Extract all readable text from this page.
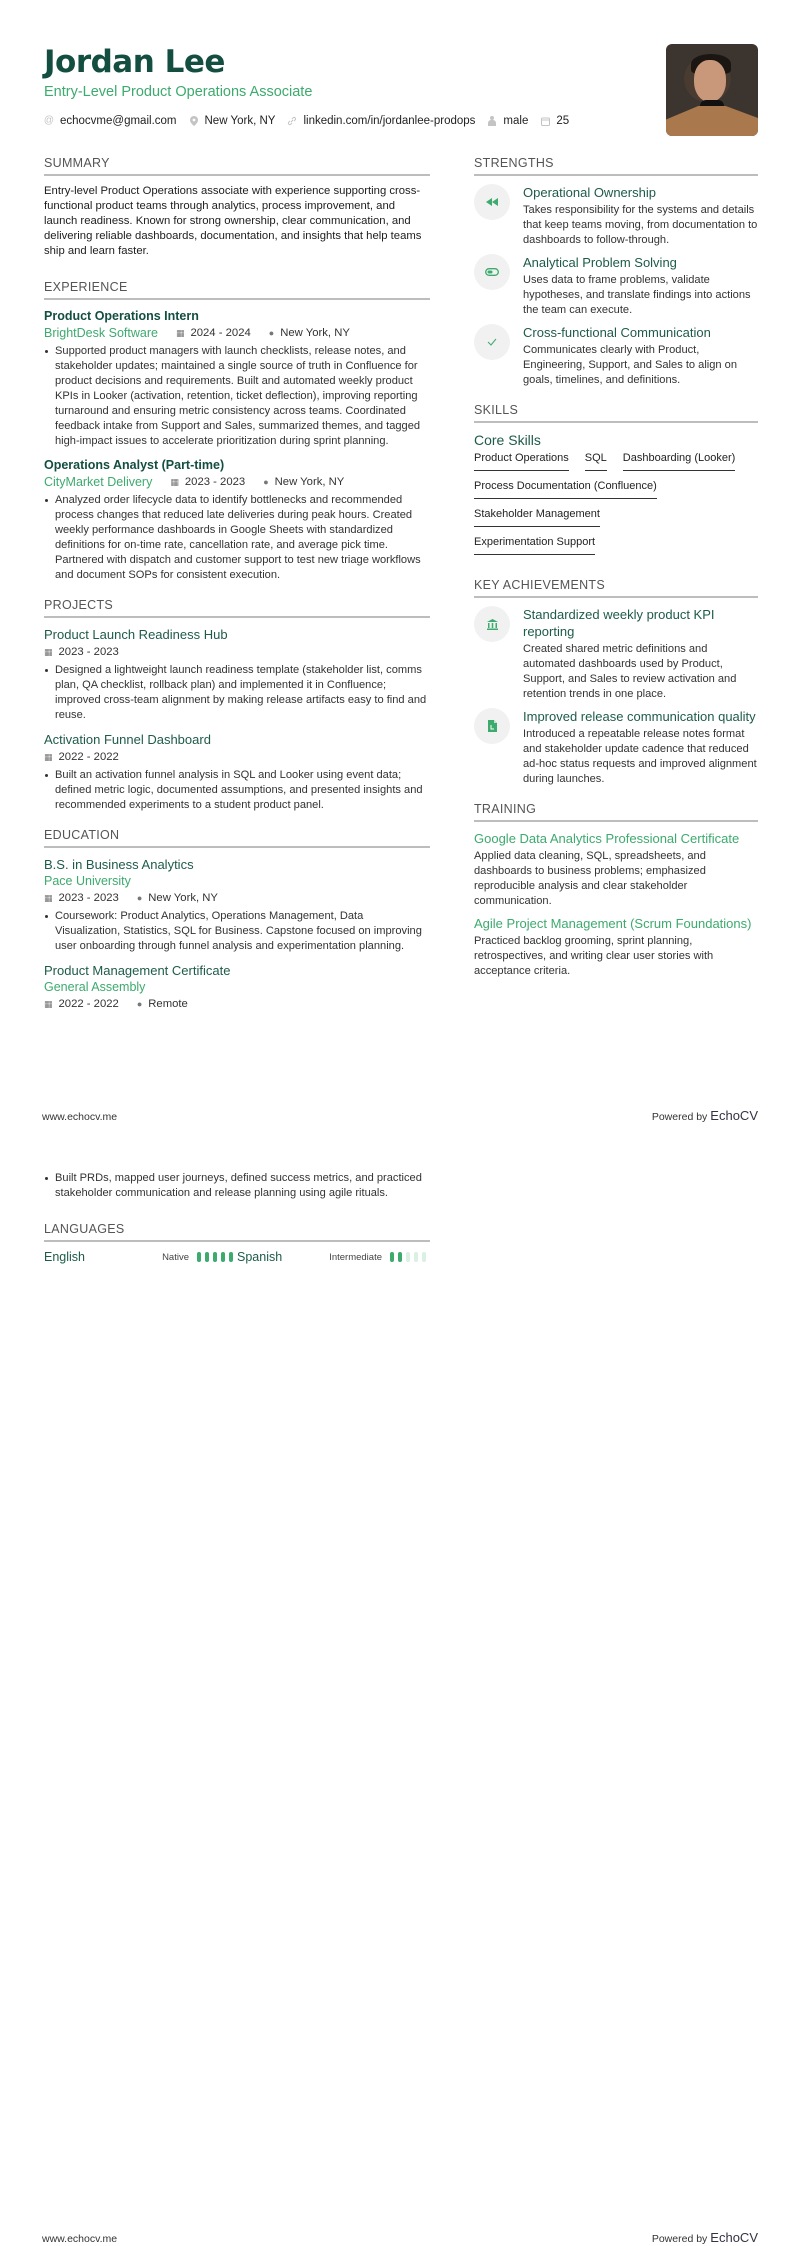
Jordan Lee
Entry-Level Product Operations Associate
@ echocvme@gmail.com New York, NY linkedin.com/in/jordanlee-prodops male 25
SUMMARY

Entry-level Product Operations associate with experience supporting cross-functional product teams through analytics, process improvement, and launch readiness. Known for strong ownership, clear communication, and delivering reliable dashboards, documentation, and insights that help teams ship and learn faster.

EXPERIENCE
Product Operations Intern
BrightDesk Software ▦ 2024 - 2024 ● New York, NY
Supported product managers with launch checklists, release notes, and stakeholder updates; maintained a single source of truth in Confluence for product decisions and requirements. Built and automated weekly product KPIs in Looker (activation, retention, ticket deflection), improving reporting turnaround and ensuring metric consistency across teams. Coordinated feedback intake from Support and Sales, summarized themes, and tagged high-impact issues to accelerate prioritization during sprint planning.
Operations Analyst (Part-time)
CityMarket Delivery ▦ 2023 - 2023 ● New York, NY
Analyzed order lifecycle data to identify bottlenecks and recommended process changes that reduced late deliveries during peak hours. Created weekly performance dashboards in Google Sheets with standardized definitions for on-time rate, cancellation rate, and average pick time. Partnered with dispatch and customer support to test new triage workflows and document SOPs for consistent execution.
PROJECTS
Product Launch Readiness Hub
▦ 2023 - 2023
Designed a lightweight launch readiness template (stakeholder list, comms plan, QA checklist, rollback plan) and implemented it in Confluence; improved cross-team alignment by making release artifacts easy to find and reuse.
Activation Funnel Dashboard
▦ 2022 - 2022
Built an activation funnel analysis in SQL and Looker using event data; defined metric logic, documented assumptions, and presented insights and recommended experiments to a student product panel.
EDUCATION
B.S. in Business Analytics
Pace University
▦ 2023 - 2023 ● New York, NY
Coursework: Product Analytics, Operations Management, Data Visualization, Statistics, SQL for Business. Capstone focused on improving user onboarding through funnel analysis and experimentation planning.
Product Management Certificate
General Assembly
▦ 2022 - 2022 ● Remote
STRENGTHS
Operational Ownership
Takes responsibility for the systems and details that keep teams moving, from documentation to dashboards to follow-through.
Analytical Problem Solving
Uses data to frame problems, validate hypotheses, and translate findings into actions the team can execute.
Cross-functional Communication
Communicates clearly with Product, Engineering, Support, and Sales to align on goals, timelines, and definitions.
SKILLS
Core Skills
Product Operations SQL Dashboarding (Looker)
Process Documentation (Confluence)
Stakeholder Management
Experimentation Support
KEY ACHIEVEMENTS
Standardized weekly product KPI reporting
Created shared metric definitions and automated dashboards used by Product, Support, and Sales to review activation and retention trends in one place.
Improved release communication quality
Introduced a repeatable release notes format and stakeholder update cadence that reduced ad-hoc status requests and improved alignment during launches.
TRAINING
Google Data Analytics Professional Certificate
Applied data cleaning, SQL, spreadsheets, and dashboards to business problems; emphasized reproducible analysis and clear stakeholder communication.
Agile Project Management (Scrum Foundations)
Practiced backlog grooming, sprint planning, retrospectives, and writing clear user stories with acceptance criteria.
www.echocv.me	Powered by EchoCV
Built PRDs, mapped user journeys, defined success metrics, and practiced stakeholder communication and release planning using agile rituals.
LANGUAGES
English	Native	Spanish	Intermediate
www.echocv.me	Powered by EchoCV
